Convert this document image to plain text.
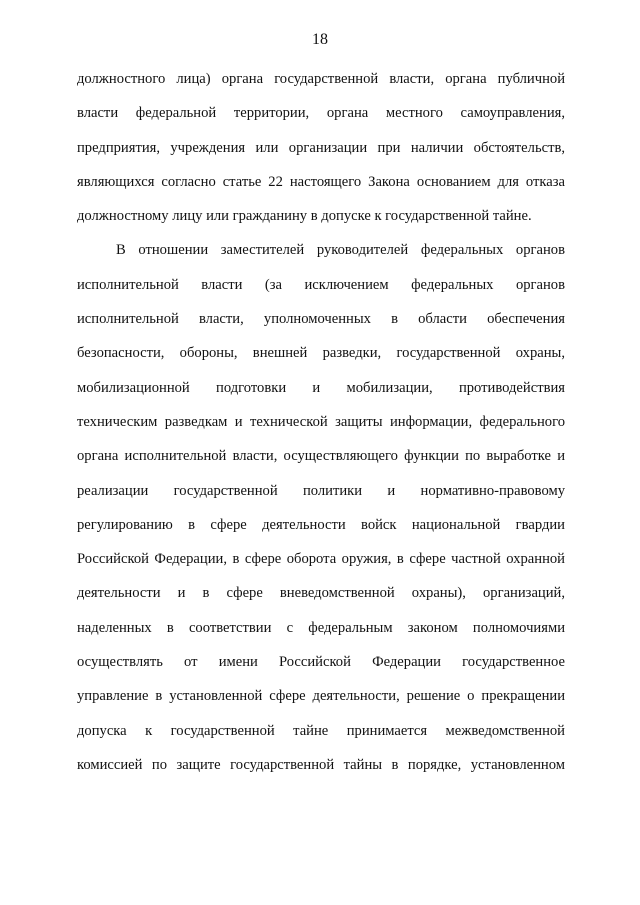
18
должностного лица) органа государственной власти, органа публичной
власти федеральной территории, органа местного самоуправления,
предприятия, учреждения или организации при наличии обстоятельств,
являющихся согласно статье 22 настоящего Закона основанием для отказа
должностному лицу или гражданину в допуске к государственной тайне.
В отношении заместителей руководителей федеральных органов
исполнительной власти (за исключением федеральных органов
исполнительной власти, уполномоченных в области обеспечения
безопасности, обороны, внешней разведки, государственной охраны,
мобилизационной подготовки и мобилизации, противодействия
техническим разведкам и технической защиты информации, федерального
органа исполнительной власти, осуществляющего функции по выработке и
реализации государственной политики и нормативно-правовому
регулированию в сфере деятельности войск национальной гвардии
Российской Федерации, в сфере оборота оружия, в сфере частной охранной
деятельности и в сфере вневедомственной охраны), организаций,
наделенных в соответствии с федеральным законом полномочиями
осуществлять от имени Российской Федерации государственное
управление в установленной сфере деятельности, решение о прекращении
допуска к государственной тайне принимается межведомственной
комиссией по защите государственной тайны в порядке, установленном
